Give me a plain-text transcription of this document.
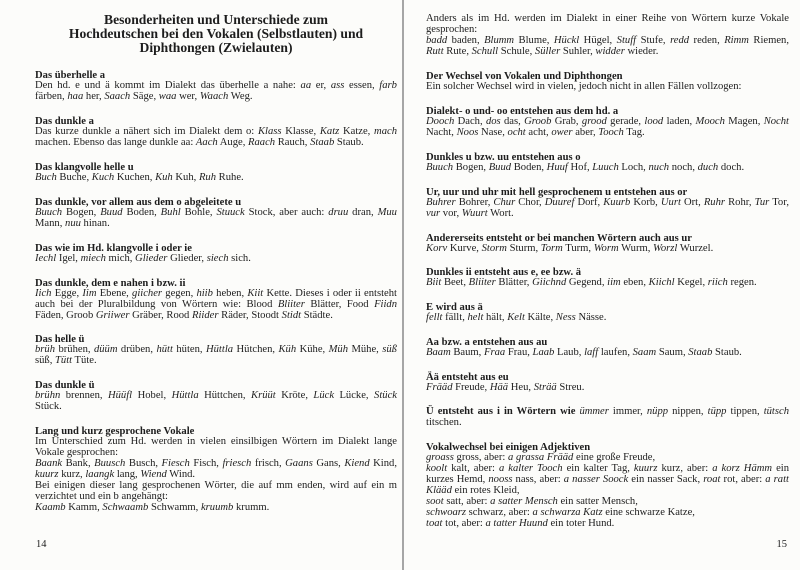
Besonderheiten und Unterschiede zum
Hochdeutschen bei den Vokalen (Selbstlauten) und
Diphthongen (Zwielauten)
Das überhelle a

Den hd. e und ä kommt im Dialekt das überhelle a nahe: aa er, ass essen, farb färben, haa her, Saach Säge, waa wer, Waach Weg.

Das dunkle a

Das kurze dunkle a nähert sich im Dialekt dem o: Klass Klasse, Katz Katze, mach machen. Ebenso das lange dunkle aa: Aach Auge, Raach Rauch, Staab Staub.

Das klangvolle helle u

Buch Buche, Kuch Kuchen, Kuh Kuh, Ruh Ruhe.

Das dunkle, vor allem aus dem o abgeleitete u

Buuch Bogen, Buud Boden, Buhl Bohle, Stuuck Stock, aber auch: druu dran, Muu Mann, nuu hinan.

Das wie im Hd. klangvolle i oder ie

Iechl Igel, miech mich, Glieder Glieder, siech sich.

Das dunkle, dem e nahen i bzw. ii

Iich Egge, Iim Ebene, giicher gegen, hiib heben, Kiit Kette. Dieses i oder ii entsteht auch bei der Pluralbildung von Wörtern wie: Blood Bliiter Blätter, Food Fiidn Fäden, Groob Griiwer Gräber, Rood Riider Räder, Stoodt Stidt Städte.

Das helle ü

brüh brühen, düüm drüben, hütt hüten, Hüttla Hütchen, Küh Kühe, Müh Mühe, süß süß, Tütt Tüte.

Das dunkle ü

brühn brennen, Hüüfl Hobel, Hüttla Hüttchen, Krüüt Kröte, Lück Lücke, Stück Stück.

Lang und kurz gesprochene Vokale

Im Unterschied zum Hd. werden in vielen einsilbigen Wörtern im Dialekt lange Vokale gesprochen:
Baank Bank, Buusch Busch, Fiesch Fisch, friesch frisch, Gaans Gans, Kiend Kind, kuurz kurz, laangk lang, Wiend Wind.
Bei einigen dieser lang gesprochenen Wörter, die auf mm enden, wird auf ein m verzichtet und ein b angehängt:
Kaamb Kamm, Schwaamb Schwamm, kruumb krumm.

Anders als im Hd. werden im Dialekt in einer Reihe von Wörtern kurze Vokale gesprochen:
badd baden, Blumm Blume, Hückl Hügel, Stuff Stufe, redd reden, Rimm Riemen, Rutt Rute, Schull Schule, Süller Suhler, widder wieder.

Der Wechsel von Vokalen und Diphthongen

Ein solcher Wechsel wird in vielen, jedoch nicht in allen Fällen vollzogen:

Dialekt- o und- oo entstehen aus dem hd. a

Dooch Dach, dos das, Groob Grab, grood gerade, lood laden, Mooch Magen, Nocht Nacht, Noos Nase, ocht acht, ower aber, Tooch Tag.

Dunkles u bzw. uu entstehen aus o

Buuch Bogen, Buud Boden, Huuf Hof, Luuch Loch, nuch noch, duch doch.

Ur, uur und uhr mit hell gesprochenem u entstehen aus or

Buhrer Bohrer, Chur Chor, Duuref Dorf, Kuurb Korb, Uurt Ort, Ruhr Rohr, Tur Tor, vur vor, Wuurt Wort.

Andererseits entsteht or bei manchen Wörtern auch aus ur

Korv Kurve, Storm Sturm, Torm Turm, Worm Wurm, Worzl Wurzel.

Dunkles ii entsteht aus e, ee bzw. ä

Biit Beet, Bliiter Blätter, Giichnd Gegend, iim eben, Kiichl Kegel, riich regen.

E wird aus ä

fellt fällt, helt hält, Kelt Kälte, Ness Nässe.

Aa bzw. a entstehen aus au

Baam Baum, Fraa Frau, Laab Laub, laff laufen, Saam Saum, Staab Staub.

Ää entsteht aus eu

Frääd Freude, Hää Heu, Strää Streu.

Ü entsteht aus i in Wörtern wie ümmer immer, nüpp nippen, tüpp tippen, tütsch titschen.

Vokalwechsel bei einigen Adjektiven

groass gross, aber: a grassa Frääd eine große Freude,
koolt kalt, aber: a kalter Tooch ein kalter Tag, kuurz kurz, aber: a korz Hämm ein kurzes Hemd, nooss nass, aber: a nasser Soock ein nasser Sack, roat rot, aber: a ratt Klääd ein rotes Kleid,
soot satt, aber: a satter Mensch ein satter Mensch,
schwoarz schwarz, aber: a schwarza Katz eine schwarze Katze,
toat tot, aber: a tatter Huund ein toter Hund.

14	15
